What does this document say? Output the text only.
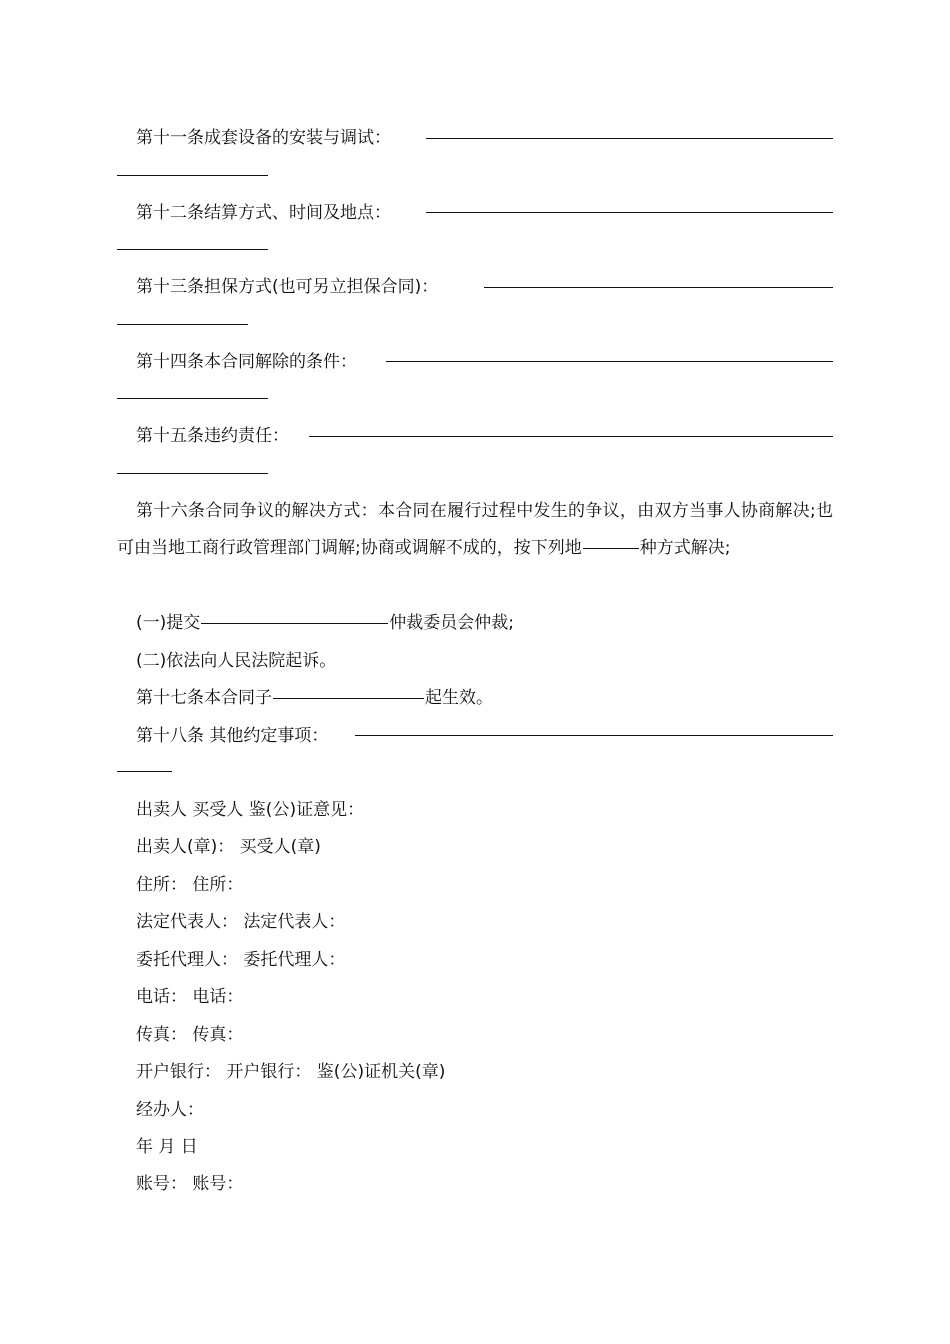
第十一条成套设备的安装与调试：
第十二条结算方式、时间及地点：
第十三条担保方式(也可另立担保合同)：
第十四条本合同解除的条件：
第十五条违约责任：
第十六条合同争议的解决方式：本合同在履行过程中发生的争议，由双方当事人协商解决;也可由当地工商行政管理部门调解;协商或调解不成的，按下列地	种方式解决;
(一)提交	仲裁委员会仲裁;
(二)依法向人民法院起诉。
第十七条本合同子	起生效。
第十八条 其他约定事项：
出卖人 买受人 鉴(公)证意见：
出卖人(章)： 买受人(章)
住所： 住所：
法定代表人： 法定代表人：
委托代理人： 委托代理人：
电话： 电话：
传真： 传真：
开户银行： 开户银行： 鉴(公)证机关(章)
经办人：
年 月 日
账号： 账号：
